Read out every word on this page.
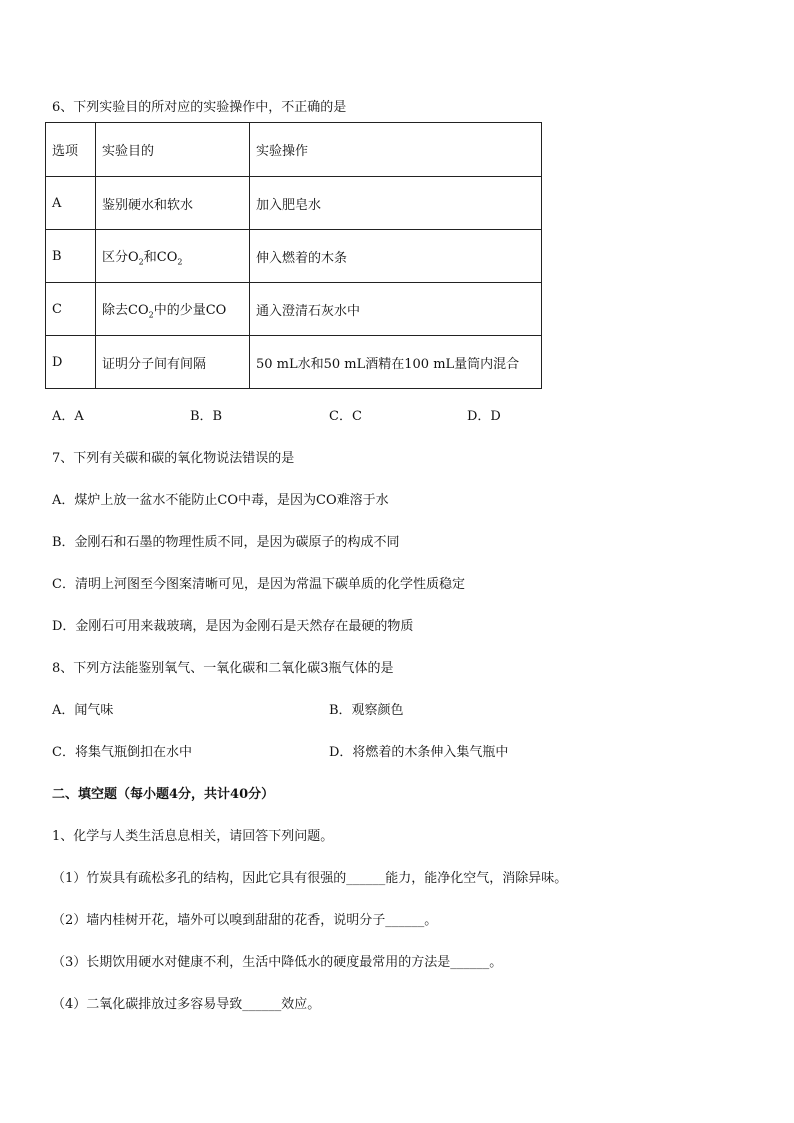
6、下列实验目的所对应的实验操作中，不正确的是
选项	实验目的	实验操作
A	鉴别硬水和软水	加入肥皂水
B	区分$O_2$和$CO_2$	伸入燃着的木条
C	除去$CO_2$中的少量CO	通入澄清石灰水中
D	证明分子间有间隔	50 mL水和50 mL酒精在100 mL量筒内混合
A．A	B．B	C．C	D．D
7、下列有关碳和碳的氧化物说法错误的是
A．煤炉上放一盆水不能防止CO中毒，是因为CO难溶于水
B．金刚石和石墨的物理性质不同，是因为碳原子的构成不同
C．清明上河图至今图案清晰可见，是因为常温下碳单质的化学性质稳定
D．金刚石可用来裁玻璃，是因为金刚石是天然存在最硬的物质
8、下列方法能鉴别氧气、一氧化碳和二氧化碳3瓶气体的是
A．闻气味	B．观察颜色
C．将集气瓶倒扣在水中	D．将燃着的木条伸入集气瓶中
二、填空题（每小题4分，共计40分）
1、化学与人类生活息息相关，请回答下列问题。
（1）竹炭具有疏松多孔的结构，因此它具有很强的______能力，能净化空气，消除异味。
（2）墙内桂树开花，墙外可以嗅到甜甜的花香，说明分子______。
（3）长期饮用硬水对健康不利，生活中降低水的硬度最常用的方法是______。
（4）二氧化碳排放过多容易导致______效应。
